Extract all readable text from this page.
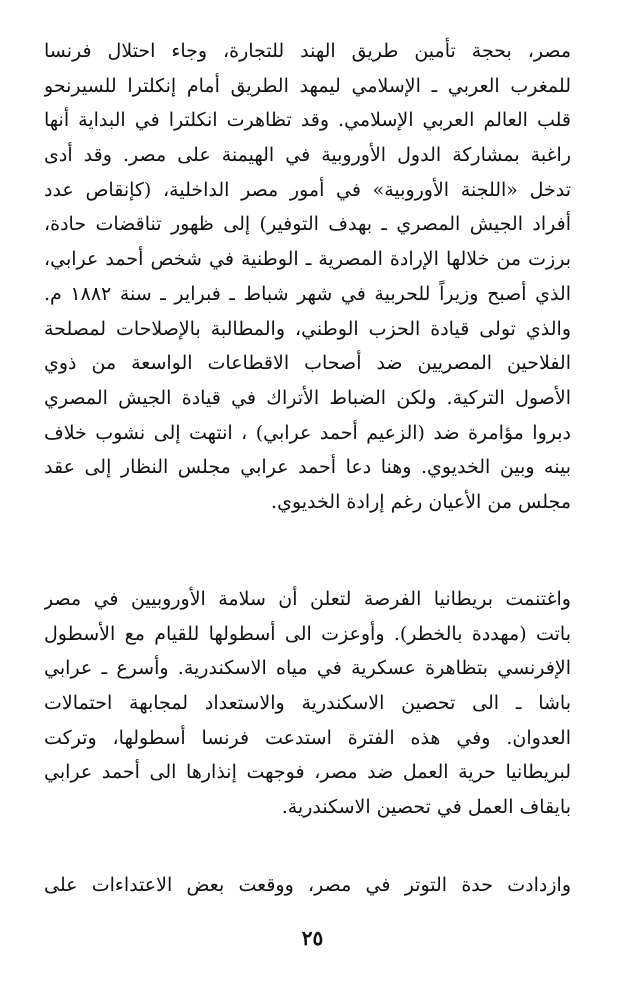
مصر، بحجة تأمين طريق الهند للتجارة، وجاء احتلال فرنسا
للمغرب العربي ـ الإسلامي ليمهد الطريق أمام إنكلترا للسيرنحو
قلب العالم العربي الإسلامي. وقد تظاهرت انكلترا في البداية أنها
راغبة بمشاركة الدول الأوروبية في الهيمنة على مصر. وقد أدى
تدخل «اللجنة الأوروبية» في أمور مصر الداخلية، (كإنقاص عدد
أفراد الجيش المصري ـ بهدف التوفير) إلى ظهور تناقضات حادة،
برزت من خلالها الإرادة المصرية ـ الوطنية في شخص أحمد عرابي،
الذي أصبح وزيراً للحربية في شهر شباط ـ فبراير ـ سنة ١٨٨٢ م.
والذي تولى قيادة الحزب الوطني، والمطالبة بالإصلاحات لمصلحة
الفلاحين المصريين ضد أصحاب الاقطاعات الواسعة من ذوي
الأصول التركية. ولكن الضباط الأتراك في قيادة الجيش المصري
دبروا مؤامرة ضد (الزعيم أحمد عرابي) ، انتهت إلى نشوب خلاف
بينه وبين الخديوي. وهنا دعا أحمد عرابي مجلس النظار إلى عقد
مجلس من الأعيان رغم إرادة الخديوي.
واغتنمت بريطانيا الفرصة لتعلن أن سلامة الأوروبيين في مصر
باتت (مهددة بالخطر). وأوعزت الى أسطولها للقيام مع الأسطول
الإفرنسي بتظاهرة عسكرية في مياه الاسكندرية. وأسرع ـ عرابي
باشا ـ الى تحصين الاسكندرية والاستعداد لمجابهة احتمالات
العدوان. وفي هذه الفترة استدعت فرنسا أسطولها، وتركت
لبريطانيا حرية العمل ضد مصر، فوجهت إنذارها الى أحمد عرابي
بايقاف العمل في تحصين الاسكندرية.
وازدادت حدة التوتر في مصر، ووقعت بعض الاعتداءات على
٢٥
